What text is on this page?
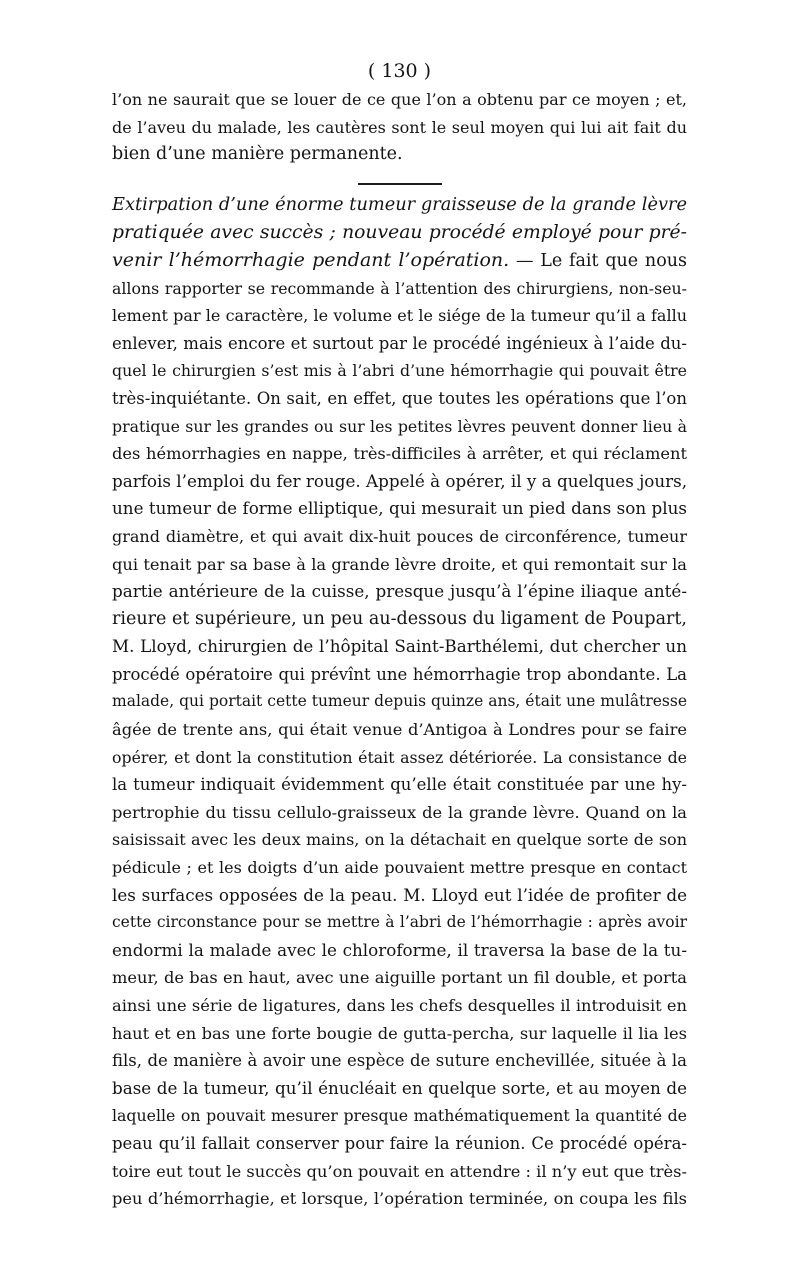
( 130 )
l’on ne saurait que se louer de ce que l’on a obtenu par ce moyen ; et,
de l’aveu du malade, les cautères sont le seul moyen qui lui ait fait du
bien d’une manière permanente.
Extirpation d’une énorme tumeur graisseuse de la grande lèvre
pratiquée avec succès ; nouveau procédé employé pour pré-
venir l’hémorrhagie pendant l’opération. — Le fait que nous
allons rapporter se recommande à l’attention des chirurgiens, non-seu-
lement par le caractère, le volume et le siége de la tumeur qu’il a fallu
enlever, mais encore et surtout par le procédé ingénieux à l’aide du-
quel le chirurgien s’est mis à l’abri d’une hémorrhagie qui pouvait être
très-inquiétante. On sait, en effet, que toutes les opérations que l’on
pratique sur les grandes ou sur les petites lèvres peuvent donner lieu à
des hémorrhagies en nappe, très-difficiles à arrêter, et qui réclament
parfois l’emploi du fer rouge. Appelé à opérer, il y a quelques jours,
une tumeur de forme elliptique, qui mesurait un pied dans son plus
grand diamètre, et qui avait dix-huit pouces de circonférence, tumeur
qui tenait par sa base à la grande lèvre droite, et qui remontait sur la
partie antérieure de la cuisse, presque jusqu’à l’épine iliaque anté-
rieure et supérieure, un peu au-dessous du ligament de Poupart,
M. Lloyd, chirurgien de l’hôpital Saint-Barthélemi, dut chercher un
procédé opératoire qui prévînt une hémorrhagie trop abondante. La
malade, qui portait cette tumeur depuis quinze ans, était une mulâtresse
âgée de trente ans, qui était venue d’Antigoa à Londres pour se faire
opérer, et dont la constitution était assez détériorée. La consistance de
la tumeur indiquait évidemment qu’elle était constituée par une hy-
pertrophie du tissu cellulo-graisseux de la grande lèvre. Quand on la
saisissait avec les deux mains, on la détachait en quelque sorte de son
pédicule ; et les doigts d’un aide pouvaient mettre presque en contact
les surfaces opposées de la peau. M. Lloyd eut l’idée de profiter de
cette circonstance pour se mettre à l’abri de l’hémorrhagie : après avoir
endormi la malade avec le chloroforme, il traversa la base de la tu-
meur, de bas en haut, avec une aiguille portant un fil double, et porta
ainsi une série de ligatures, dans les chefs desquelles il introduisit en
haut et en bas une forte bougie de gutta-percha, sur laquelle il lia les
fils, de manière à avoir une espèce de suture enchevillée, située à la
base de la tumeur, qu’il énucléait en quelque sorte, et au moyen de
laquelle on pouvait mesurer presque mathématiquement la quantité de
peau qu’il fallait conserver pour faire la réunion. Ce procédé opéra-
toire eut tout le succès qu’on pouvait en attendre : il n’y eut que très-
peu d’hémorrhagie, et lorsque, l’opération terminée, on coupa les fils
